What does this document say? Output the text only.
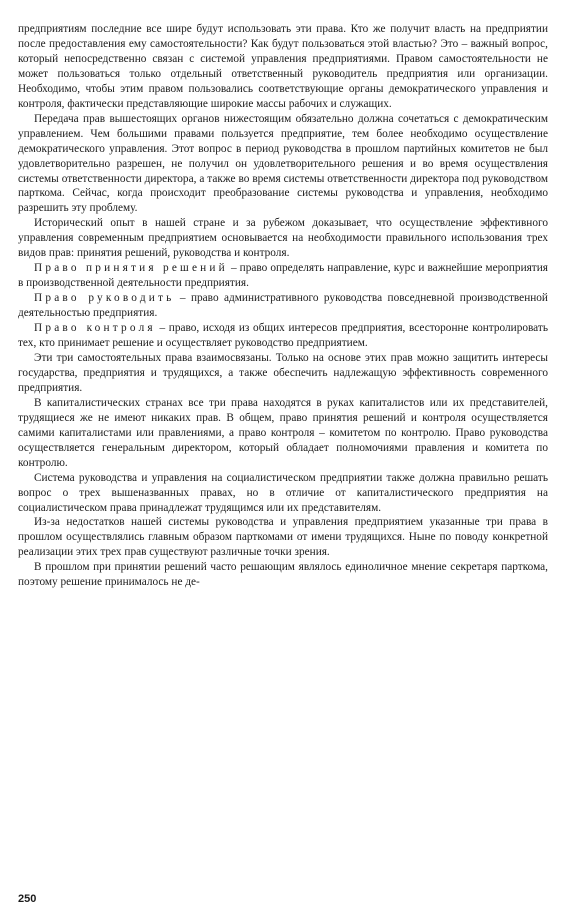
предприятиям последние все шире будут использовать эти права. Кто же получит власть на предприятии после предоставления ему самостоятельности? Как будут пользоваться этой властью? Это – важный вопрос, который непосредственно связан с системой управления предприятиями. Правом самостоятельности не может пользоваться только отдельный ответственный руководитель предприятия или организации. Необходимо, чтобы этим правом пользовались соответствующие органы демократического управления и контроля, фактически представляющие широкие массы рабочих и служащих.

Передача прав вышестоящих органов нижестоящим обязательно должна сочетаться с демократическим управлением. Чем большими правами пользуется предприятие, тем более необходимо осуществление демократического управления. Этот вопрос в период руководства в прошлом партийных комитетов не был удовлетворительно разрешен, не получил он удовлетворительного решения и во время осуществления системы ответственности директора, а также во время системы ответственности директора под руководством парткома. Сейчас, когда происходит преобразование системы руководства и управления, необходимо разрешить эту проблему.

Исторический опыт в нашей стране и за рубежом доказывает, что осуществление эффективного управления современным предприятием основывается на необходимости правильного использования трех видов прав: принятия решений, руководства и контроля.

Право принятия решений – право определять направление, курс и важнейшие мероприятия в производственной деятельности предприятия.

Право руководить – право административного руководства повседневной производственной деятельностью предприятия.

Право контроля – право, исходя из общих интересов предприятия, всесторонне контролировать тех, кто принимает решение и осуществляет руководство предприятием.

Эти три самостоятельных права взаимосвязаны. Только на основе этих прав можно защитить интересы государства, предприятия и трудящихся, а также обеспечить надлежащую эффективность современного предприятия.

В капиталистических странах все три права находятся в руках капиталистов или их представителей, трудящиеся же не имеют никаких прав. В общем, право принятия решений и контроля осуществляется самими капиталистами или правлениями, а право контроля – комитетом по контролю. Право руководства осуществляется генеральным директором, который обладает полномочиями правления и комитета по контролю.

Система руководства и управления на социалистическом предприятии также должна правильно решать вопрос о трех вышеназванных правах, но в отличие от капиталистического предприятия на социалистическом права принадлежат трудящимся или их представителям.

Из-за недостатков нашей системы руководства и управления предприятием указанные три права в прошлом осуществлялись главным образом парткомами от имени трудящихся. Ныне по поводу конкретной реализации этих трех прав существуют различные точки зрения.

В прошлом при принятии решений часто решающим являлось единоличное мнение секретаря парткома, поэтому решение принималось не де-

250
